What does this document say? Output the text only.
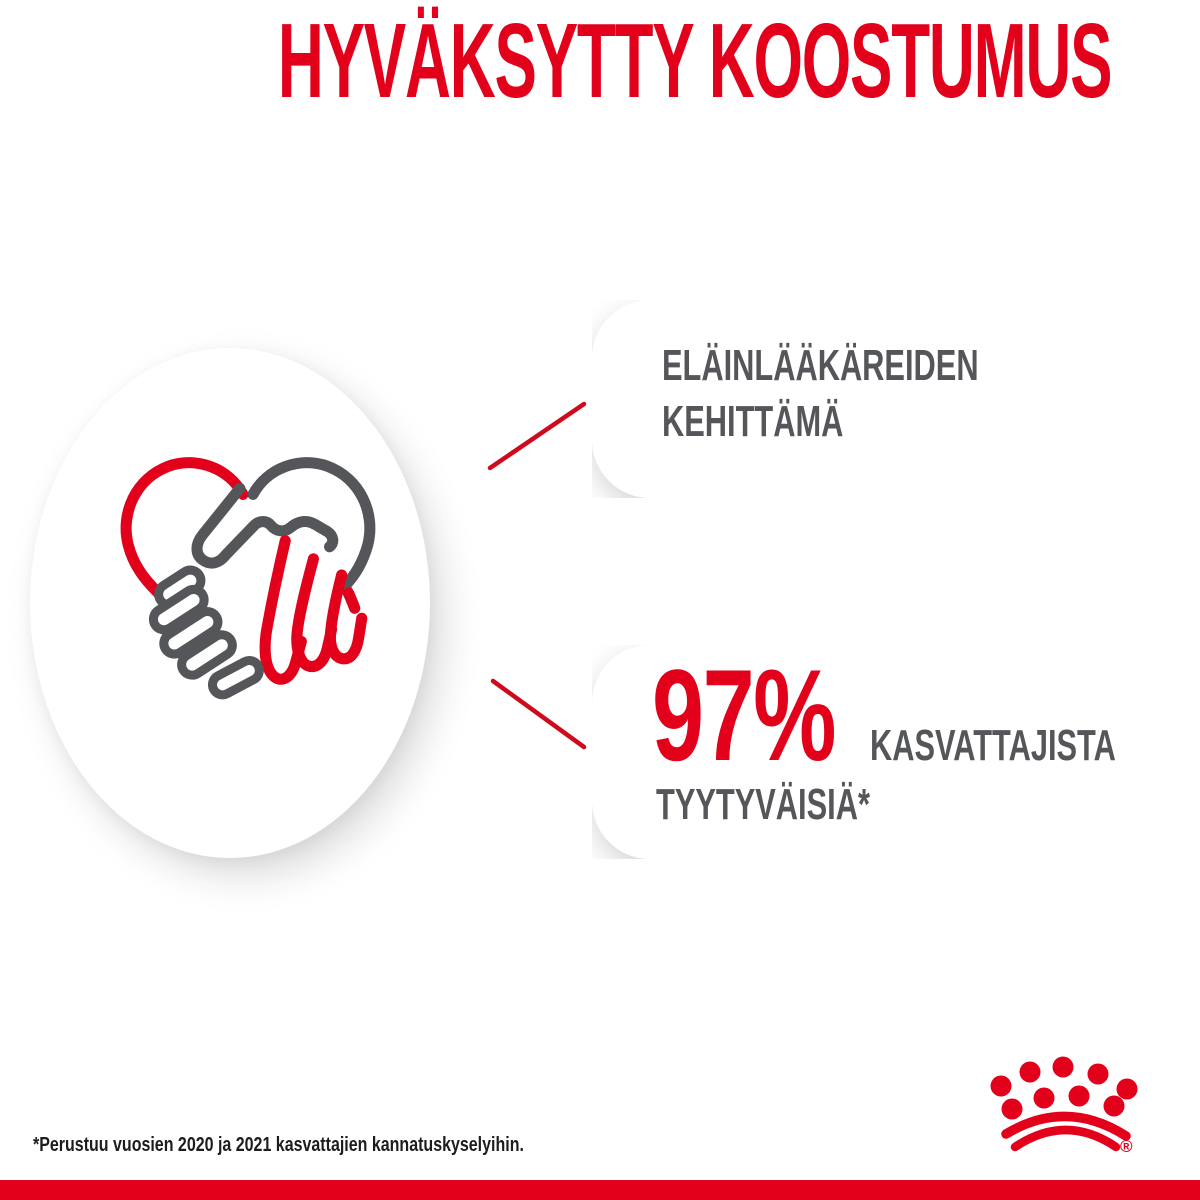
HYVÄKSYTTY KOOSTUMUS
ELÄINLÄÄKÄREIDEN
KEHITTÄMÄ
97% KASVATTAJISTA
TYYTYVÄISIÄ*
*Perustuu vuosien 2020 ja 2021 kasvattajien kannatuskyselyihin.	®
